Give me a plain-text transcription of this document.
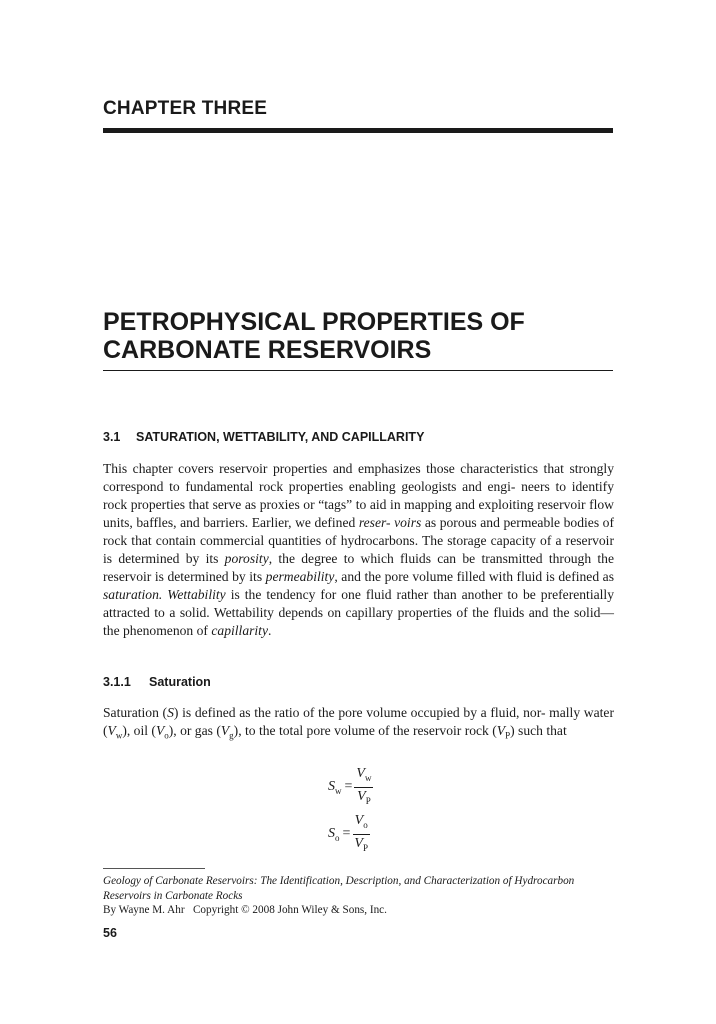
CHAPTER THREE
PETROPHYSICAL PROPERTIES OF
CARBONATE RESERVOIRS
3.1 SATURATION, WETTABILITY, AND CAPILLARITY

This chapter covers reservoir properties and emphasizes those characteristics that strongly correspond to fundamental rock properties enabling geologists and engi- neers to identify rock properties that serve as proxies or “tags” to aid in mapping and exploiting reservoir flow units, baffles, and barriers. Earlier, we defined reser- voirs as porous and permeable bodies of rock that contain commercial quantities of hydrocarbons. The storage capacity of a reservoir is determined by its porosity, the degree to which fluids can be transmitted through the reservoir is determined by its permeability, and the pore volume filled with fluid is defined as saturation. Wettability is the tendency for one fluid rather than another to be preferentially attracted to a solid. Wettability depends on capillary properties of the fluids and the solid—the phenomenon of capillarity.

3.1.1 Saturation

Saturation (S) is defined as the ratio of the pore volume occupied by a fluid, nor- mally water $(V_w)$, oil $(V_o)$, or gas $(V_g)$, to the total pore volume of the reservoir rock $(V_P)$ such that

$S_w = \frac{V_w}{V_P}$
$S_o = \frac{V_o}{V_P}$
Geology of Carbonate Reservoirs: The Identification, Description, and Characterization of Hydrocarbon
Reservoirs in Carbonate Rocks
By Wayne M. Ahr Copyright © 2008 John Wiley & Sons, Inc.
56
